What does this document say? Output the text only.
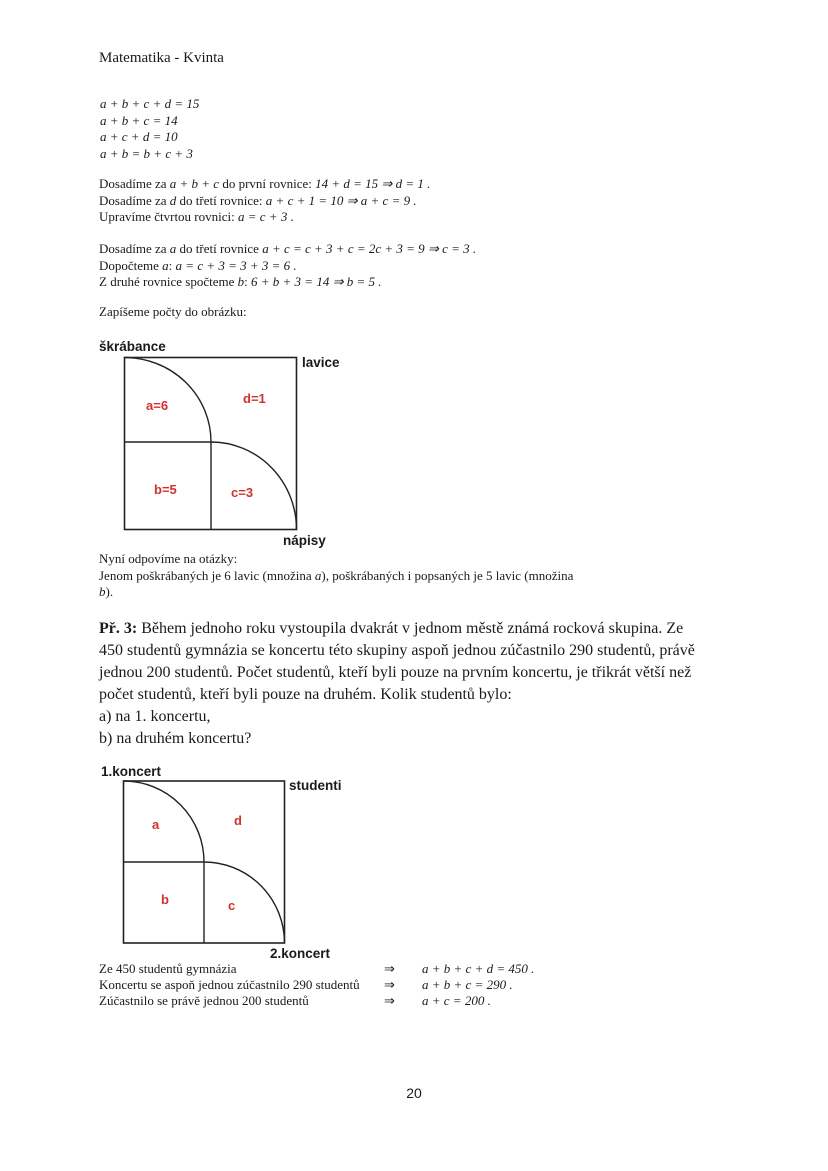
Matematika - Kvinta
a + b + c + d = 15
a + b + c = 14
a + c + d = 10
a + b = b + c + 3
Dosadíme za a + b + c do první rovnice: 14 + d = 15 ⇒ d = 1 .
Dosadíme za d do třetí rovnice: a + c + 1 = 10 ⇒ a + c = 9 .
Upravíme čtvrtou rovnici: a = c + 3 .
Dosadíme za a do třetí rovnice a + c = c + 3 + c = 2c + 3 = 9 ⇒ c = 3 .
Dopočteme a: a = c + 3 = 3 + 3 = 6 .
Z druhé rovnice spočteme b: 6 + b + 3 = 14 ⇒ b = 5 .
Zapíšeme počty do obrázku:
škrábance
lavice
nápisy
a=6	d=1
b=5	c=3
Nyní odpovíme na otázky:
Jenom poškrábaných je 6 lavic (množina a), poškrábaných i popsaných je 5 lavic (množina
b).
Př. 3: Během jednoho roku vystoupila dvakrát v jednom městě známá rocková skupina. Ze
450 studentů gymnázia se koncertu této skupiny aspoň jednou zúčastnilo 290 studentů, právě
jednou 200 studentů. Počet studentů, kteří byli pouze na prvním koncertu, je třikrát větší než
počet studentů, kteří byli pouze na druhém. Kolik studentů bylo:
a) na 1. koncertu,
b) na druhém koncertu?
1.koncert
studenti
2.koncert
a	d
b	c
Ze 450 studentů gymnázia	⇒ a + b + c + d = 450 .
Koncertu se aspoň jednou zúčastnilo 290 studentů ⇒ a + b + c = 290 .
Zúčastnilo se právě jednou 200 studentů	⇒ a + c = 200 .
20
